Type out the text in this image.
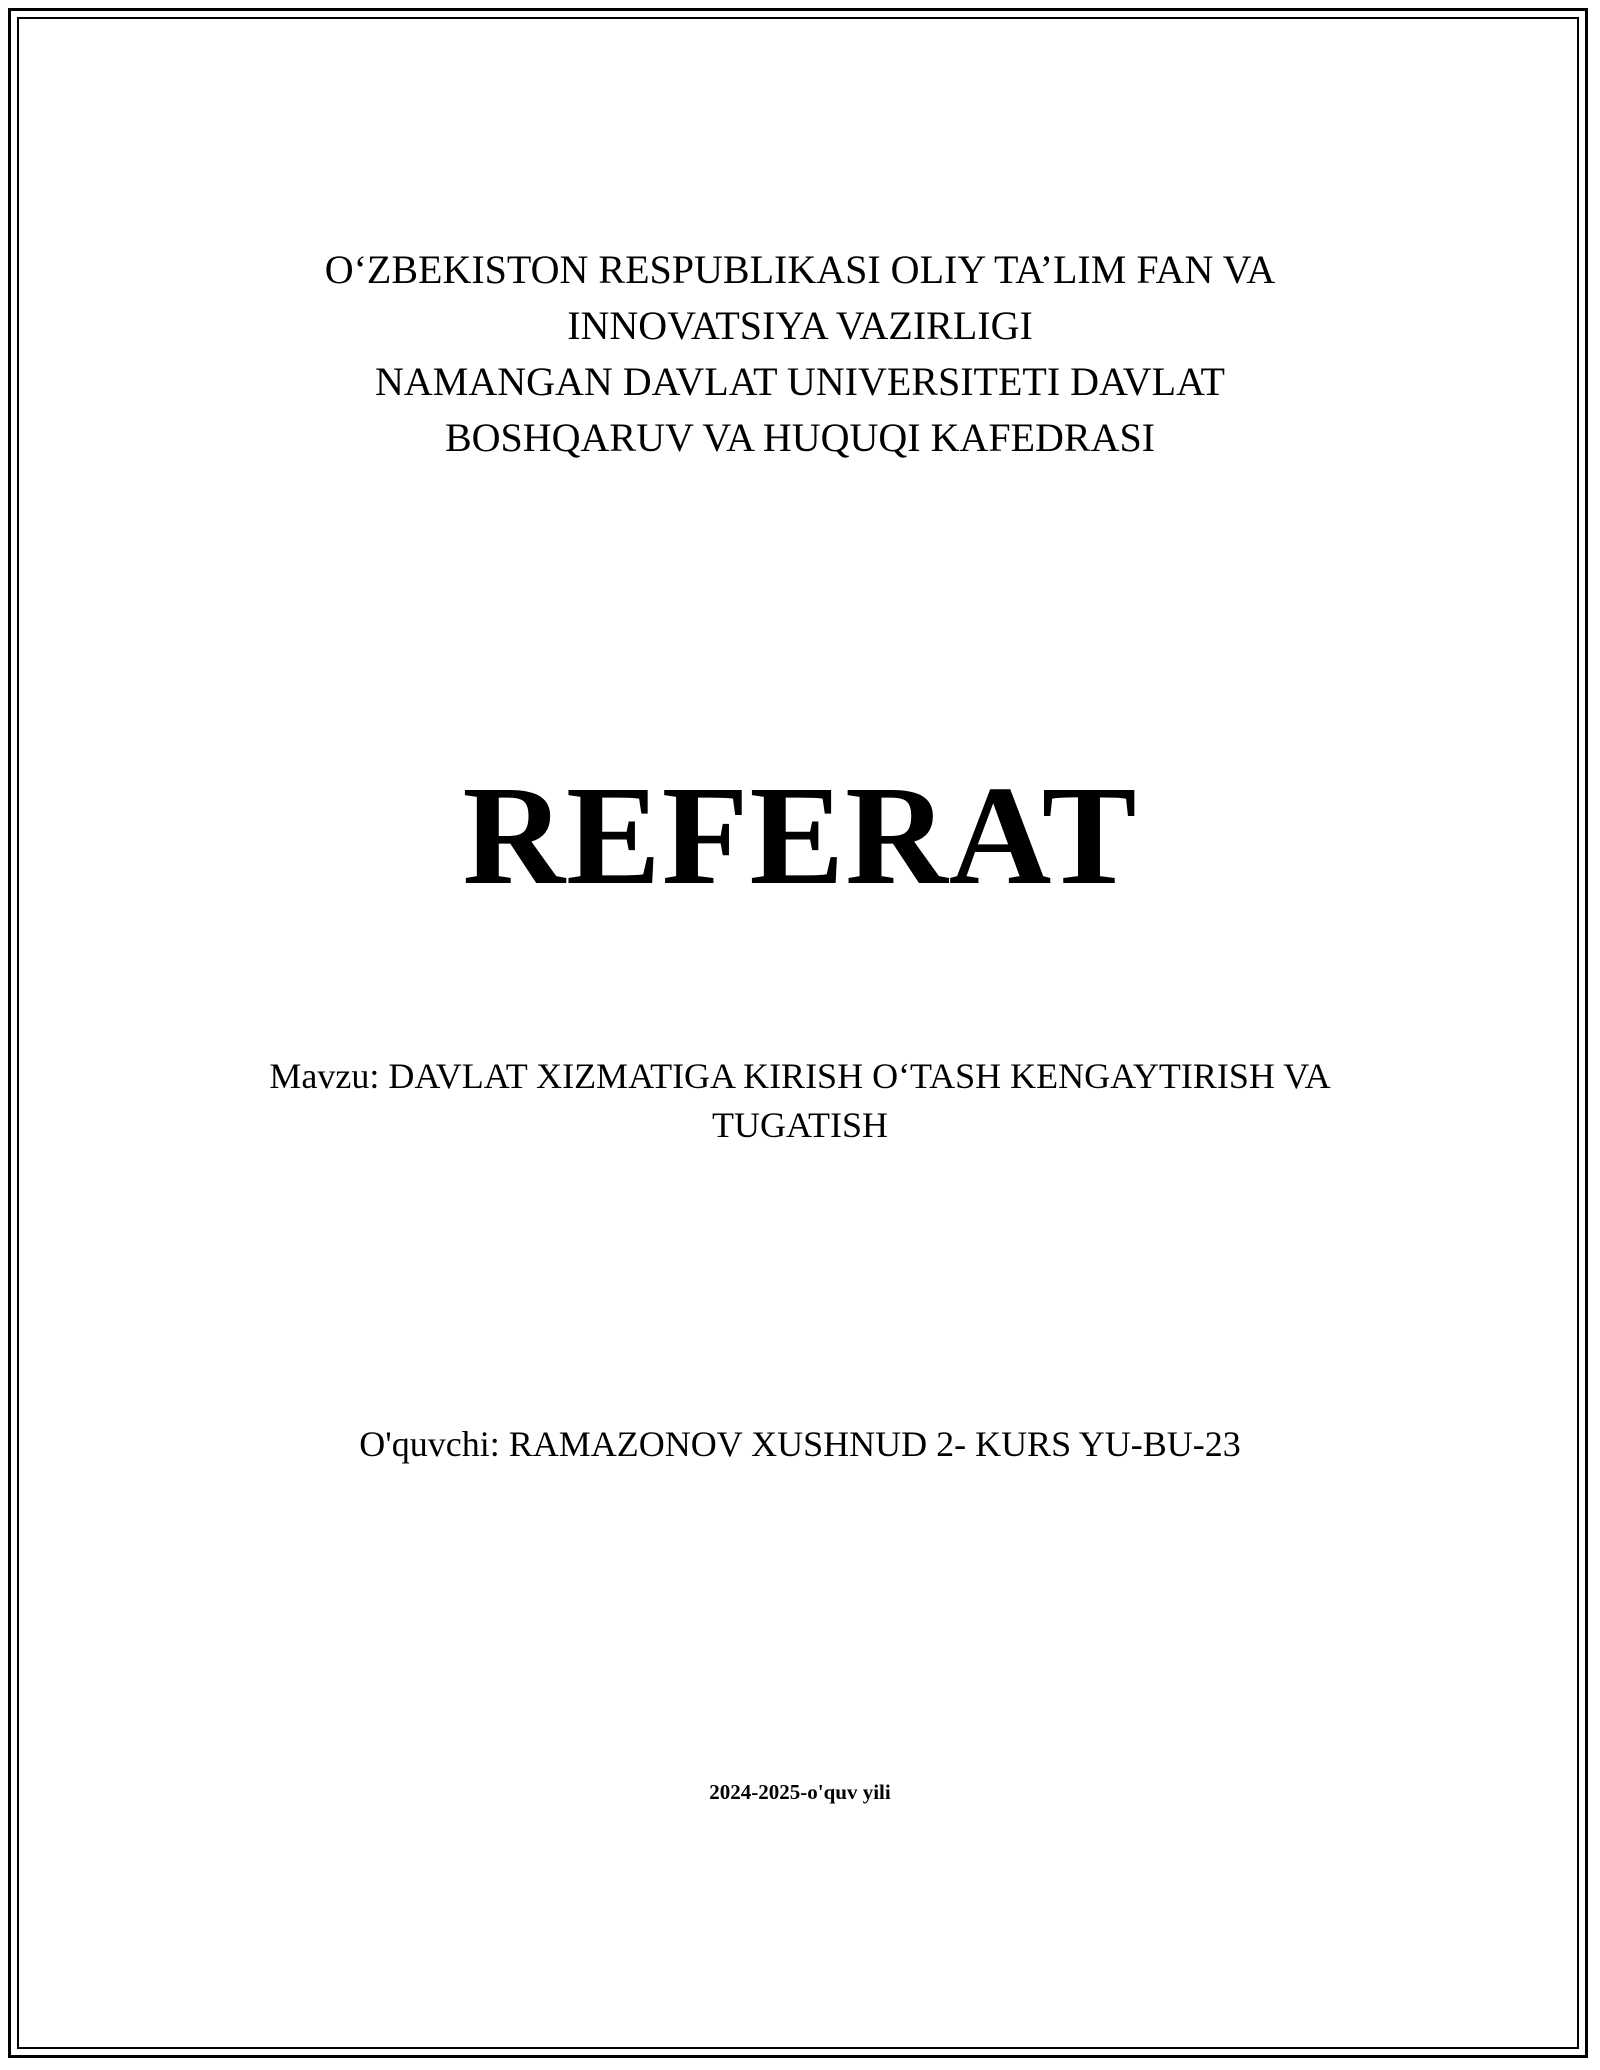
O‘ZBEKISTON RESPUBLIKASI OLIY TA’LIM FAN VA
INNOVATSIYA VAZIRLIGI
NAMANGAN DAVLAT UNIVERSITETI DAVLAT
BOSHQARUV VA HUQUQI KAFEDRASI
REFERAT
Mavzu: DAVLAT XIZMATIGA KIRISH O‘TASH KENGAYTIRISH VA
TUGATISH
O'quvchi: RAMAZONOV XUSHNUD 2- KURS YU-BU-23
2024-2025-o'quv yili
